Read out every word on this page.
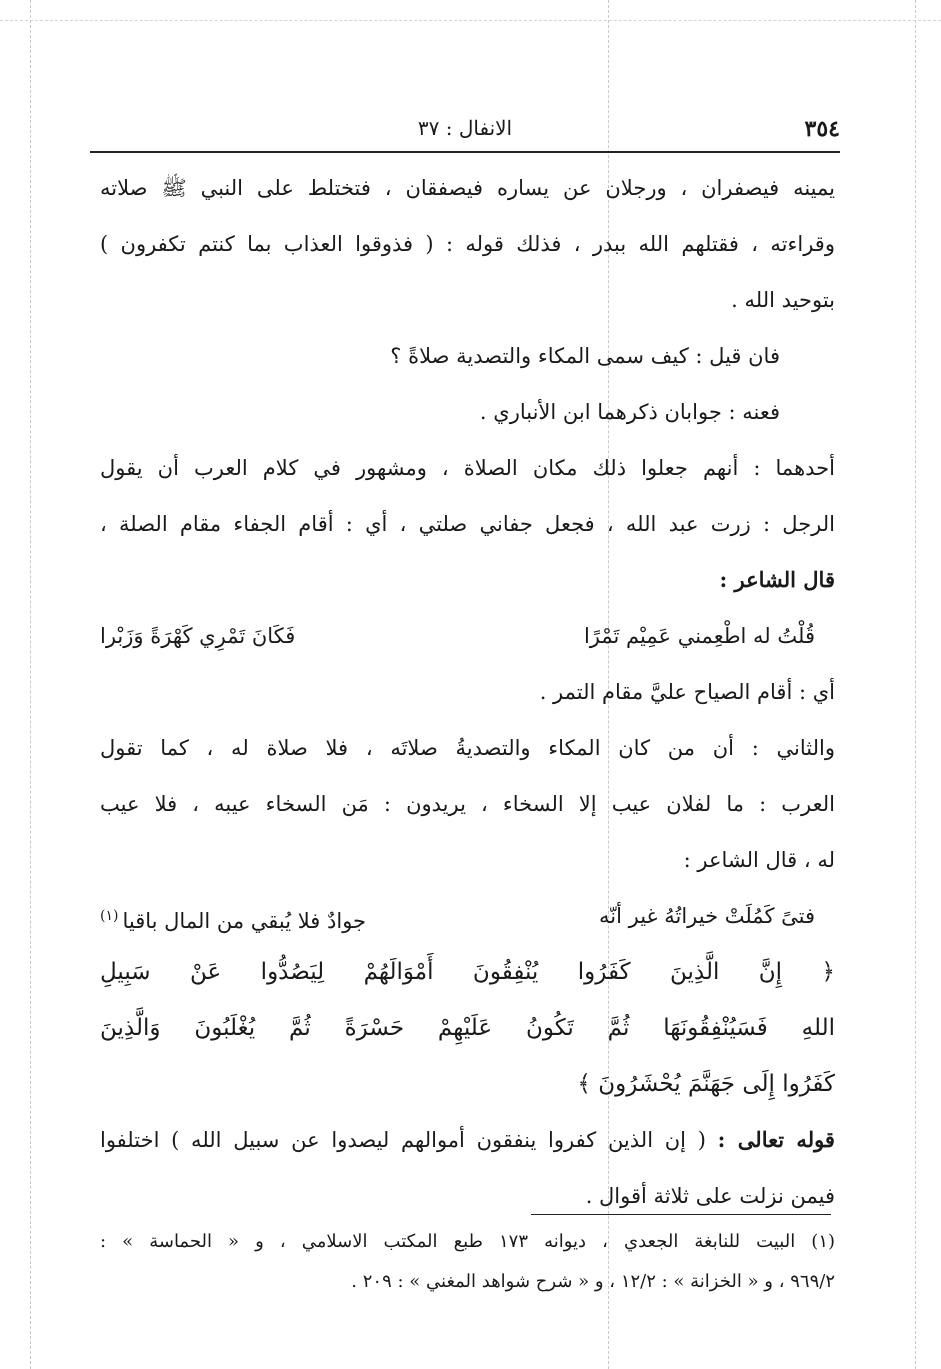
٣٥٤
الانفال : ٣٧
يمينه فيصفران ، ورجلان عن يساره فيصفقان ، فتختلط على النبي ﷺ صلاته
وقراءته ، فقتلهم الله ببدر ، فذلك قوله : ( فذوقوا العذاب بما كنتم تكفرون )
بتوحيد الله .
فان قيل : كيف سمى المكاء والتصدية صلاةً ؟
فعنه : جوابان ذكرهما ابن الأنباري .
أحدهما : أنهم جعلوا ذلك مكان الصلاة ، ومشهور في كلام العرب أن يقول
الرجل : زرت عبد الله ، فجعل جفاني صلتي ، أي : أقام الجفاء مقام الصلة ،
قال الشاعر :
قُلْتُ له اطْعِمني عَمِيْم تَمْرًا
فَكَانَ تَمْرِي كَهْرَةً وَزَبْرا
أي : أقام الصياح عليَّ مقام التمر .
والثاني : أن من كان المكاء والتصديةُ صلاتَه ، فلا صلاة له ، كما تقول
العرب : ما لفلان عيب إلا السخاء ، يريدون : مَن السخاء عيبه ، فلا عيب
له ، قال الشاعر :
فتىً كَمُلَتْ خيراتُهُ غير أنّه
جوادٌ فلا يُبقي من المال باقيا$^{(١)}$
﴿ إِنَّ الَّذِينَ كَفَرُوا يُنْفِقُونَ أَمْوَالَهُمْ لِيَصُدُّوا عَنْ سَبِيلِ
اللهِ فَسَيُنْفِقُونَهَا ثُمَّ تَكُونُ عَلَيْهِمْ حَسْرَةً ثُمَّ يُغْلَبُونَ وَالَّذِينَ
كَفَرُوا إِلَى جَهَنَّمَ يُحْشَرُونَ ﴾
قوله تعالى : ( إن الذين كفروا ينفقون أموالهم ليصدوا عن سبيل الله ) اختلفوا
فيمن نزلت على ثلاثة أقوال .
(١) البيت للنابغة الجعدي ، ديوانه ١٧٣ طبع المكتب الاسلامي ، و « الحماسة » :
٩٦٩/٢ ، و « الخزانة » : ١٢/٢ ، و « شرح شواهد المغني » : ٢٠٩ .
